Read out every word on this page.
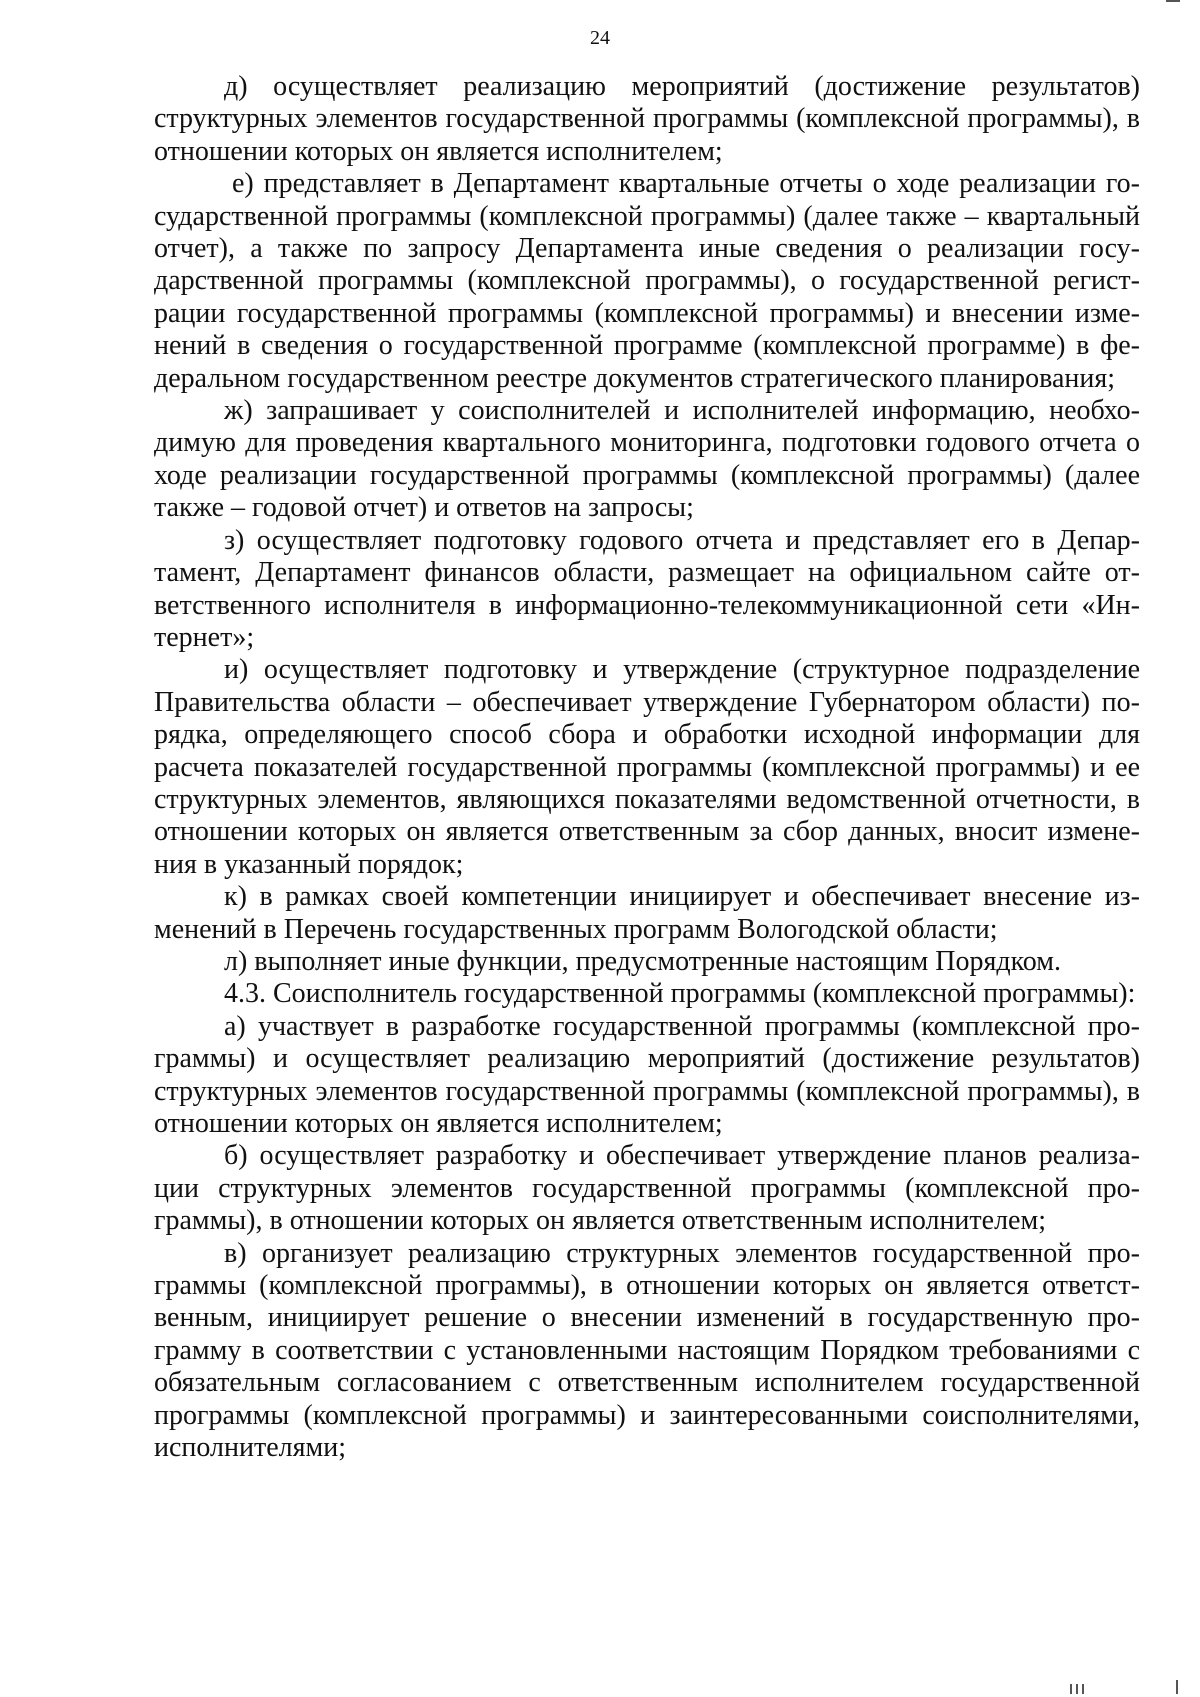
24

д) осуществляет реализацию мероприятий (достижение результатов) структурных элементов государственной программы (комплексной программы), в отношении которых он является исполнителем;

е) представляет в Департамент квартальные отчеты о ходе реализации государственной программы (комплексной программы) (далее также – квартальный отчет), а также по запросу Департамента иные сведения о реализации государственной программы (комплексной программы), о государственной регистрации государственной программы (комплексной программы) и внесении изменений в сведения о государственной программе (комплексной программе) в федеральном государственном реестре документов стратегического планирования;

ж) запрашивает у соисполнителей и исполнителей информацию, необходимую для проведения квартального мониторинга, подготовки годового отчета о ходе реализации государственной программы (комплексной программы) (далее также – годовой отчет) и ответов на запросы;

з) осуществляет подготовку годового отчета и представляет его в Департамент, Департамент финансов области, размещает на официальном сайте ответственного исполнителя в информационно-телекоммуникационной сети «Интернет»;

и) осуществляет подготовку и утверждение (структурное подразделение Правительства области – обеспечивает утверждение Губернатором области) порядка, определяющего способ сбора и обработки исходной информации для расчета показателей государственной программы (комплексной программы) и ее структурных элементов, являющихся показателями ведомственной отчетности, в отношении которых он является ответственным за сбор данных, вносит изменения в указанный порядок;

к) в рамках своей компетенции инициирует и обеспечивает внесение изменений в Перечень государственных программ Вологодской области;

л) выполняет иные функции, предусмотренные настоящим Порядком.

4.3. Соисполнитель государственной программы (комплексной программы):

а) участвует в разработке государственной программы (комплексной программы) и осуществляет реализацию мероприятий (достижение результатов) структурных элементов государственной программы (комплексной программы), в отношении которых он является исполнителем;

б) осуществляет разработку и обеспечивает утверждение планов реализации структурных элементов государственной программы (комплексной программы), в отношении которых он является ответственным исполнителем;

в) организует реализацию структурных элементов государственной программы (комплексной программы), в отношении которых он является ответственным, инициирует решение о внесении изменений в государственную программу в соответствии с установленными настоящим Порядком требованиями с обязательным согласованием с ответственным исполнителем государственной программы (комплексной программы) и заинтересованными соисполнителями, исполнителями;
